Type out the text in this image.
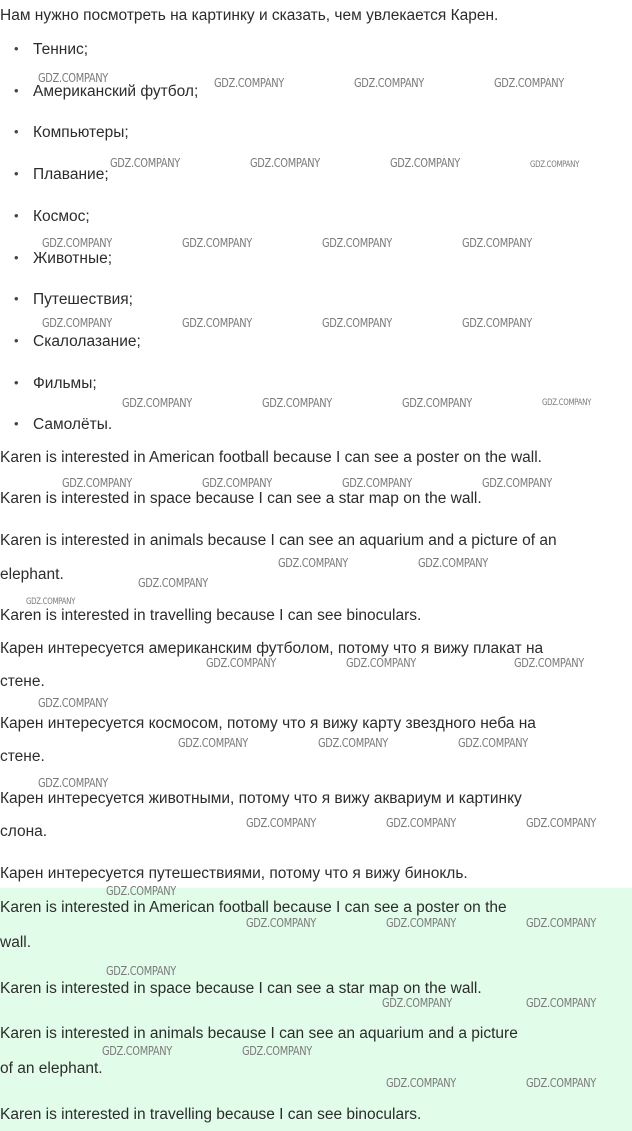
Нам нужно посмотреть на картинку и сказать, чем увлекается Карен.

• Теннис;
• Американский футбол;
• Компьютеры;
• Плавание;
• Космос;
• Животные;
• Путешествия;
• Скалолазание;
• Фильмы;
• Самолёты.

Karen is interested in American football because I can see a poster on the wall.

Karen is interested in space because I can see a star map on the wall.

Karen is interested in animals because I can see an aquarium and a picture of an

elephant.

Karen is interested in travelling because I can see binoculars.

Карен интересуется американским футболом, потому что я вижу плакат на

стене.

Карен интересуется космосом, потому что я вижу карту звездного неба на

стене.

Карен интересуется животными, потому что я вижу аквариум и картинку

слона.

Карен интересуется путешествиями, потому что я вижу бинокль.

Karen is interested in American football because I can see a poster on the

wall.

Karen is interested in space because I can see a star map on the wall.

Karen is interested in animals because I can see an aquarium and a picture

of an elephant.

Karen is interested in travelling because I can see binoculars.

GDZ.COMPANY	GDZ.COMPANY	GDZ.COMPANY	GDZ.COMPANY
GDZ.COMPANY	GDZ.COMPANY	GDZ.COMPANY	GDZ.COMPANY
GDZ.COMPANY	GDZ.COMPANY	GDZ.COMPANY	GDZ.COMPANY
GDZ.COMPANY	GDZ.COMPANY	GDZ.COMPANY	GDZ.COMPANY
GDZ.COMPANY	GDZ.COMPANY	GDZ.COMPANY	GDZ.COMPANY
GDZ.COMPANY	GDZ.COMPANY	GDZ.COMPANY	GDZ.COMPANY
GDZ.COMPANY	GDZ.COMPANY
GDZ.COMPANY
GDZ.COMPANY
GDZ.COMPANY	GDZ.COMPANY	GDZ.COMPANY
GDZ.COMPANY
GDZ.COMPANY	GDZ.COMPANY	GDZ.COMPANY
GDZ.COMPANY
GDZ.COMPANY	GDZ.COMPANY	GDZ.COMPANY
GDZ.COMPANY
GDZ.COMPANY	GDZ.COMPANY	GDZ.COMPANY
GDZ.COMPANY
GDZ.COMPANY	GDZ.COMPANY
GDZ.COMPANY	GDZ.COMPANY
GDZ.COMPANY	GDZ.COMPANY
